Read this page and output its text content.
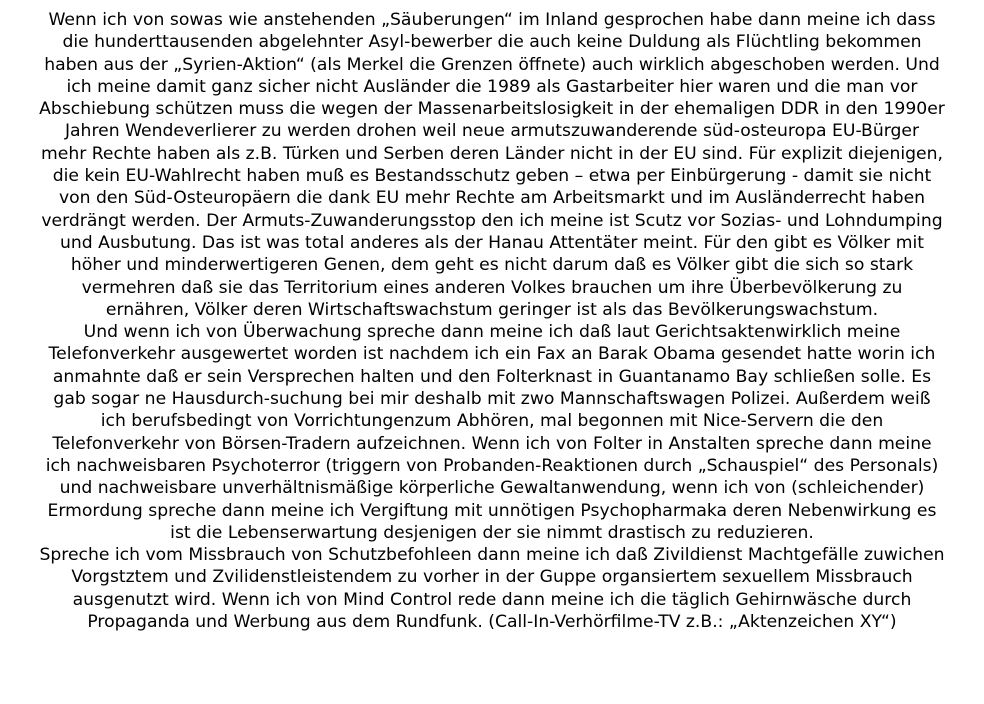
Wenn ich von sowas wie anstehenden „Säuberungen“ im Inland gesprochen habe dann meine ich dass
die hunderttausenden abgelehnter Asyl-bewerber die auch keine Duldung als Flüchtling bekommen
haben aus der „Syrien-Aktion“ (als Merkel die Grenzen öffnete) auch wirklich abgeschoben werden. Und
ich meine damit ganz sicher nicht Ausländer die 1989 als Gastarbeiter hier waren und die man vor
Abschiebung schützen muss die wegen der Massenarbeitslosigkeit in der ehemaligen DDR in den 1990er
Jahren Wendeverlierer zu werden drohen weil neue armutszuwanderende süd-osteuropa EU-Bürger
mehr Rechte haben als z.B. Türken und Serben deren Länder nicht in der EU sind. Für explizit diejenigen,
die kein EU-Wahlrecht haben muß es Bestandsschutz geben – etwa per Einbürgerung - damit sie nicht
von den Süd-Osteuropäern die dank EU mehr Rechte am Arbeitsmarkt und im Ausländerrecht haben
verdrängt werden. Der Armuts-Zuwanderungsstop den ich meine ist Scutz vor Sozias- und Lohndumping
und Ausbutung. Das ist was total anderes als der Hanau Attentäter meint. Für den gibt es Völker mit
höher und minderwertigeren Genen, dem geht es nicht darum daß es Völker gibt die sich so stark
vermehren daß sie das Territorium eines anderen Volkes brauchen um ihre Überbevölkerung zu
ernähren, Völker deren Wirtschaftswachstum geringer ist als das Bevölkerungswachstum.
Und wenn ich von Überwachung spreche dann meine ich daß laut Gerichtsaktenwirklich meine
Telefonverkehr ausgewertet worden ist nachdem ich ein Fax an Barak Obama gesendet hatte worin ich
anmahnte daß er sein Versprechen halten und den Folterknast in Guantanamo Bay schließen solle. Es
gab sogar ne Hausdurch-suchung bei mir deshalb mit zwo Mannschaftswagen Polizei. Außerdem weiß
ich berufsbedingt von Vorrichtungenzum Abhören, mal begonnen mit Nice-Servern die den
Telefonverkehr von Börsen-Tradern aufzeichnen. Wenn ich von Folter in Anstalten spreche dann meine
ich nachweisbaren Psychoterror (triggern von Probanden-Reaktionen durch „Schauspiel“ des Personals)
und nachweisbare unverhältnismäßige körperliche Gewaltanwendung, wenn ich von (schleichender)
Ermordung spreche dann meine ich Vergiftung mit unnötigen Psychopharmaka deren Nebenwirkung es
ist die Lebenserwartung desjenigen der sie nimmt drastisch zu reduzieren.
Spreche ich vom Missbrauch von Schutzbefohleen dann meine ich daß Zivildienst Machtgefälle zuwichen
Vorgstztem und Zvilidenstleistendem zu vorher in der Guppe organsiertem sexuellem Missbrauch
ausgenutzt wird. Wenn ich von Mind Control rede dann meine ich die täglich Gehirnwäsche durch
Propaganda und Werbung aus dem Rundfunk. (Call-In-Verhörfilme-TV z.B.: „Aktenzeichen XY“)
